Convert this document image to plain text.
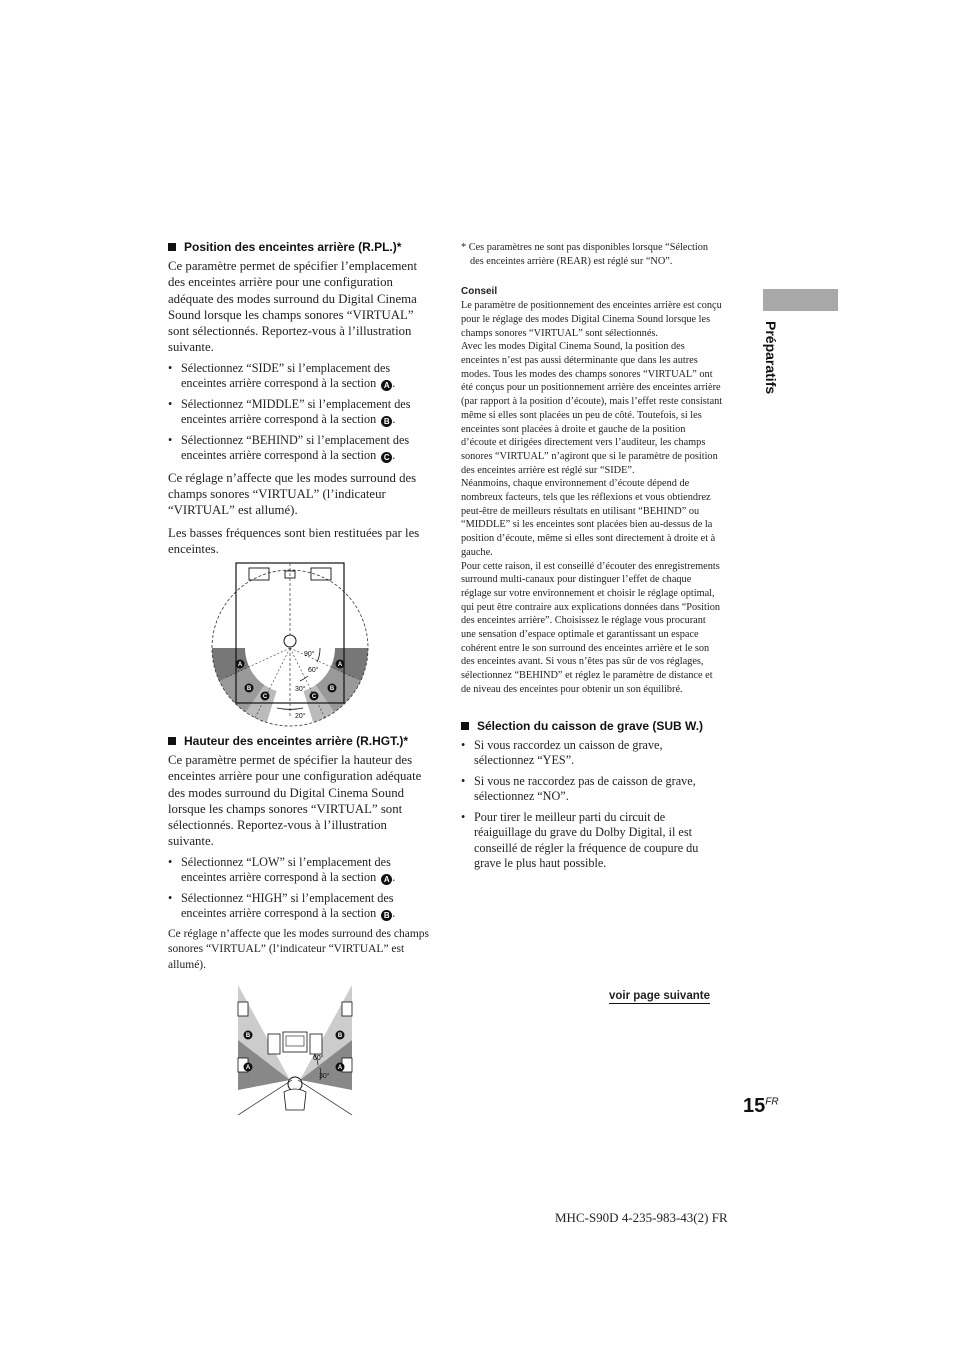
Position des enceintes arrière (R.PL.)*

Ce paramètre permet de spécifier l’emplacement des enceintes arrière pour une configuration adéquate des modes surround du Digital Cinema Sound lorsque les champs sonores “VIRTUAL” sont sélectionnés. Reportez-vous à l’illustration suivante.

• Sélectionnez “SIDE” si l’emplacement des enceintes arrière correspond à la section A .
• Sélectionnez “MIDDLE” si l’emplacement des enceintes arrière correspond à la section B .
• Sélectionnez “BEHIND” si l’emplacement des enceintes arrière correspond à la section C .

Ce réglage n’affecte que les modes surround des champs sonores “VIRTUAL” (l’indicateur “VIRTUAL” est allumé).

Les basses fréquences sont bien restituées par les enceintes.

90°
60°
30°
20°
A	A
B	B
C	C
Hauteur des enceintes arrière (R.HGT.)*

Ce paramètre permet de spécifier la hauteur des enceintes arrière pour une configuration adéquate des modes surround du Digital Cinema Sound lorsque les champs sonores “VIRTUAL” sont sélectionnés. Reportez-vous à l’illustration suivante.

• Sélectionnez “LOW” si l’emplacement des enceintes arrière correspond à la section A .
• Sélectionnez “HIGH” si l’emplacement des enceintes arrière correspond à la section B .

Ce réglage n’affecte que les modes surround des champs sonores “VIRTUAL” (l’indicateur “VIRTUAL” est allumé).

60°
30°
B	B
A	A

* Ces paramètres ne sont pas disponibles lorsque “Sélection des enceintes arrière (REAR) est réglé sur “NO”.

Conseil

Le paramètre de positionnement des enceintes arrière est conçu pour le réglage des modes Digital Cinema Sound lorsque les champs sonores “VIRTUAL” sont sélectionnés.

Avec les modes Digital Cinema Sound, la position des enceintes n’est pas aussi déterminante que dans les autres modes. Tous les modes des champs sonores “VIRTUAL” ont été conçus pour un positionnement arrière des enceintes arrière (par rapport à la position d’écoute), mais l’effet reste consistant même si elles sont placées un peu de côté. Toutefois, si les enceintes sont placées à droite et gauche de la position d’écoute et dirigées directement vers l’auditeur, les champs sonores “VIRTUAL” n’agiront que si le paramètre de position des enceintes arrière est réglé sur “SIDE”.

Néanmoins, chaque environnement d’écoute dépend de nombreux facteurs, tels que les réflexions et vous obtiendrez peut-être de meilleurs résultats en utilisant “BEHIND” ou “MIDDLE” si les enceintes sont placées bien au-dessus de la position d’écoute, même si elles sont directement à droite et à gauche.

Pour cette raison, il est conseillé d’écouter des enregistrements surround multi-canaux pour distinguer l’effet de chaque réglage sur votre environnement et choisir le réglage optimal, qui peut être contraire aux explications données dans “Position des enceintes arrière”. Choisissez le réglage vous procurant une sensation d’espace optimale et garantissant un espace cohérent entre le son surround des enceintes arrière et le son des enceintes avant. Si vous n’êtes pas sûr de vos réglages, sélectionnez “BEHIND” et réglez le paramètre de distance et de niveau des enceintes pour obtenir un son équilibré.

Sélection du caisson de grave (SUB W.)
• Si vous raccordez un caisson de grave, sélectionnez “YES”.
• Si vous ne raccordez pas de caisson de grave, sélectionnez “NO”.
• Pour tirer le meilleur parti du circuit de réaiguillage du grave du Dolby Digital, il est conseillé de régler la fréquence de coupure du grave le plus haut possible.
voir page suivante
Préparatifs
$15^{FR}$
MHC-S90D 4-235-983-43(2) FR
